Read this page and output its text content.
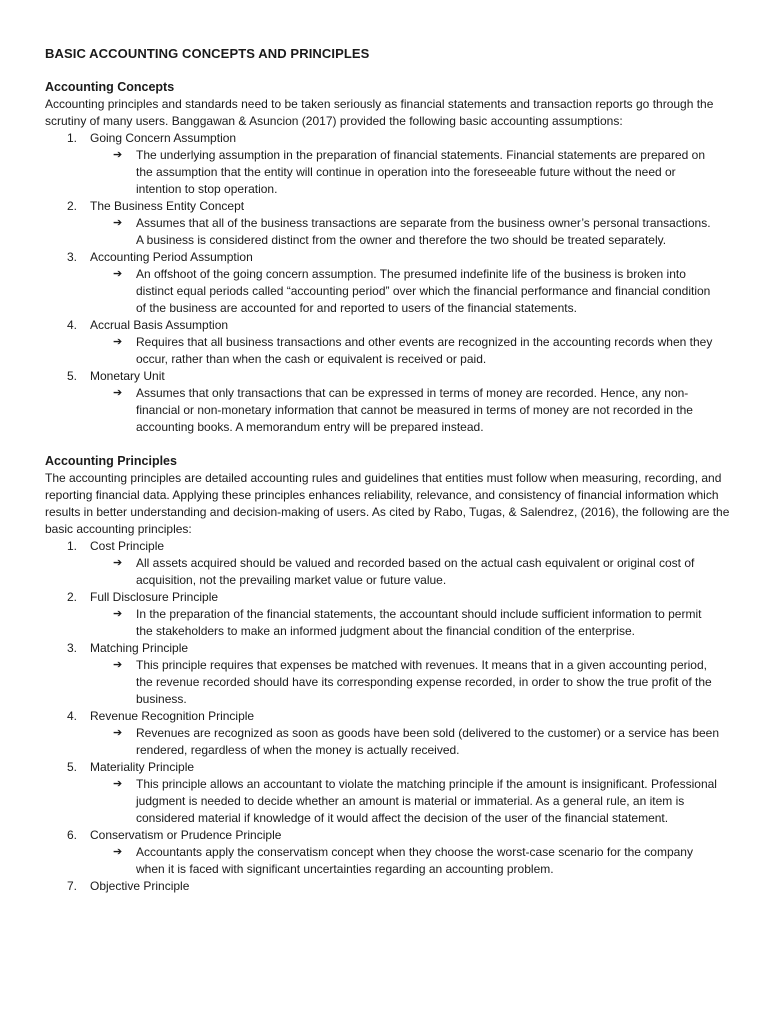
BASIC ACCOUNTING CONCEPTS AND PRINCIPLES
Accounting Concepts

Accounting principles and standards need to be taken seriously as financial statements and transaction reports go through the scrutiny of many users. Banggawan & Asuncion (2017) provided the following basic accounting assumptions:

1.	Going Concern Assumption
➔	The underlying assumption in the preparation of financial statements. Financial statements are prepared on the assumption that the entity will continue in operation into the foreseeable future without the need or intention to stop operation.
2.	The Business Entity Concept
➔	Assumes that all of the business transactions are separate from the business owner’s personal transactions. A business is considered distinct from the owner and therefore the two should be treated separately.
3.	Accounting Period Assumption
➔	An offshoot of the going concern assumption. The presumed indefinite life of the business is broken into distinct equal periods called “accounting period” over which the financial performance and financial condition of the business are accounted for and reported to users of the financial statements.
4.	Accrual Basis Assumption
➔	Requires that all business transactions and other events are recognized in the accounting records when they occur, rather than when the cash or equivalent is received or paid.
5.	Monetary Unit
➔	Assumes that only transactions that can be expressed in terms of money are recorded. Hence, any non-financial or non-monetary information that cannot be measured in terms of money are not recorded in the accounting books. A memorandum entry will be prepared instead.
Accounting Principles

The accounting principles are detailed accounting rules and guidelines that entities must follow when measuring, recording, and reporting financial data. Applying these principles enhances reliability, relevance, and consistency of financial information which results in better understanding and decision-making of users. As cited by Rabo, Tugas, & Salendrez, (2016), the following are the basic accounting principles:

1.	Cost Principle
➔	All assets acquired should be valued and recorded based on the actual cash equivalent or original cost of acquisition, not the prevailing market value or future value.
2.	Full Disclosure Principle
➔	In the preparation of the financial statements, the accountant should include sufficient information to permit the stakeholders to make an informed judgment about the financial condition of the enterprise.
3.	Matching Principle
➔	This principle requires that expenses be matched with revenues. It means that in a given accounting period, the revenue recorded should have its corresponding expense recorded, in order to show the true profit of the business.
4.	Revenue Recognition Principle
➔	Revenues are recognized as soon as goods have been sold (delivered to the customer) or a service has been rendered, regardless of when the money is actually received.
5.	Materiality Principle
➔	This principle allows an accountant to violate the matching principle if the amount is insignificant. Professional judgment is needed to decide whether an amount is material or immaterial. As a general rule, an item is considered material if knowledge of it would affect the decision of the user of the financial statement.
6.	Conservatism or Prudence Principle
➔	Accountants apply the conservatism concept when they choose the worst-case scenario for the company when it is faced with significant uncertainties regarding an accounting problem.
7.	Objective Principle
